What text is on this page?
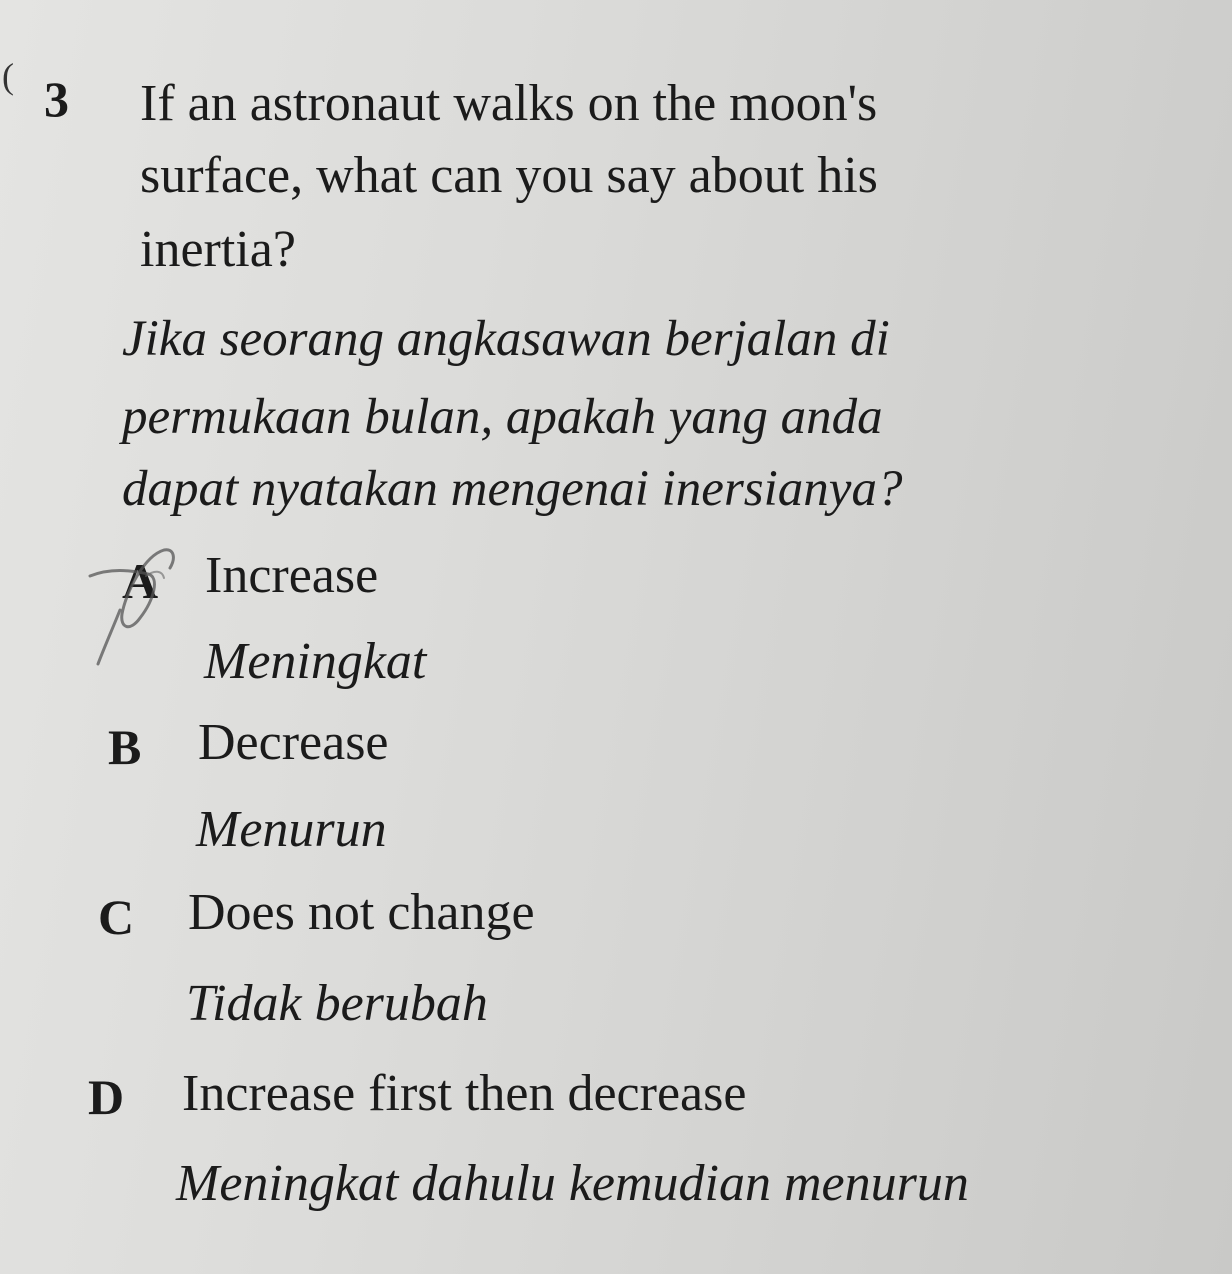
( 3 If an astronaut walks on the moon's
surface, what can you say about his
inertia?
Jika seorang angkasawan berjalan di
permukaan bulan, apakah yang anda
dapat nyatakan mengenai inersianya?
A Increase
Meningkat
B Decrease
Menurun
C Does not change
Tidak berubah
D Increase first then decrease
Meningkat dahulu kemudian menurun
